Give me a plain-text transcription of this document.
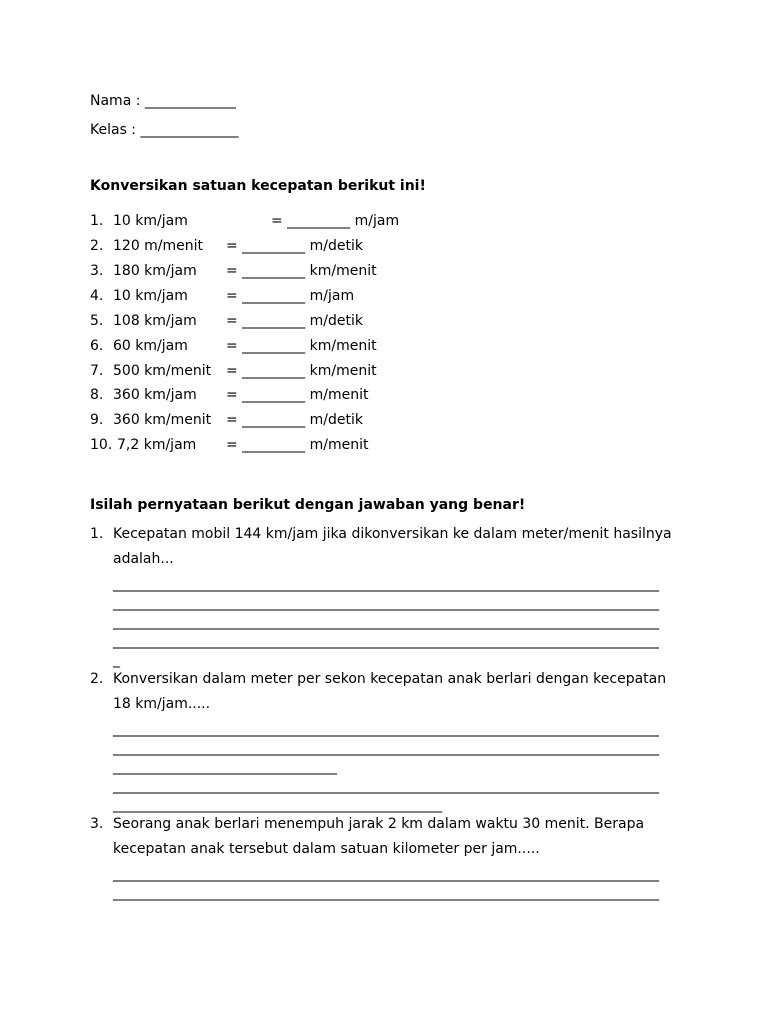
Nama : _____________
Kelas : ______________
Konversikan satuan kecepatan berikut ini!
1. 10 km/jam	= _________ m/jam
2. 120 m/menit = _________ m/detik
3. 180 km/jam = _________ km/menit
4. 10 km/jam	= _________ m/jam
5. 108 km/jam = _________ m/detik
6. 60 km/jam	= _________ km/menit
7. 500 km/menit = _________ km/menit
8. 360 km/jam = _________ m/menit
9. 360 km/menit = _________ m/detik
10. 7,2 km/jam = _________ m/menit
Isilah pernyataan berikut dengan jawaban yang benar!
1. Kecepatan mobil 144 km/jam jika dikonversikan ke dalam meter/menit hasilnya
adalah...
______________________________________________________________________________
______________________________________________________________________________
______________________________________________________________________________
______________________________________________________________________________
_
2. Konversikan dalam meter per sekon kecepatan anak berlari dengan kecepatan
18 km/jam.....
______________________________________________________________________________
______________________________________________________________________________
________________________________
______________________________________________________________________________
_______________________________________________
3. Seorang anak berlari menempuh jarak 2 km dalam waktu 30 menit. Berapa
kecepatan anak tersebut dalam satuan kilometer per jam.....
______________________________________________________________________________
______________________________________________________________________________
